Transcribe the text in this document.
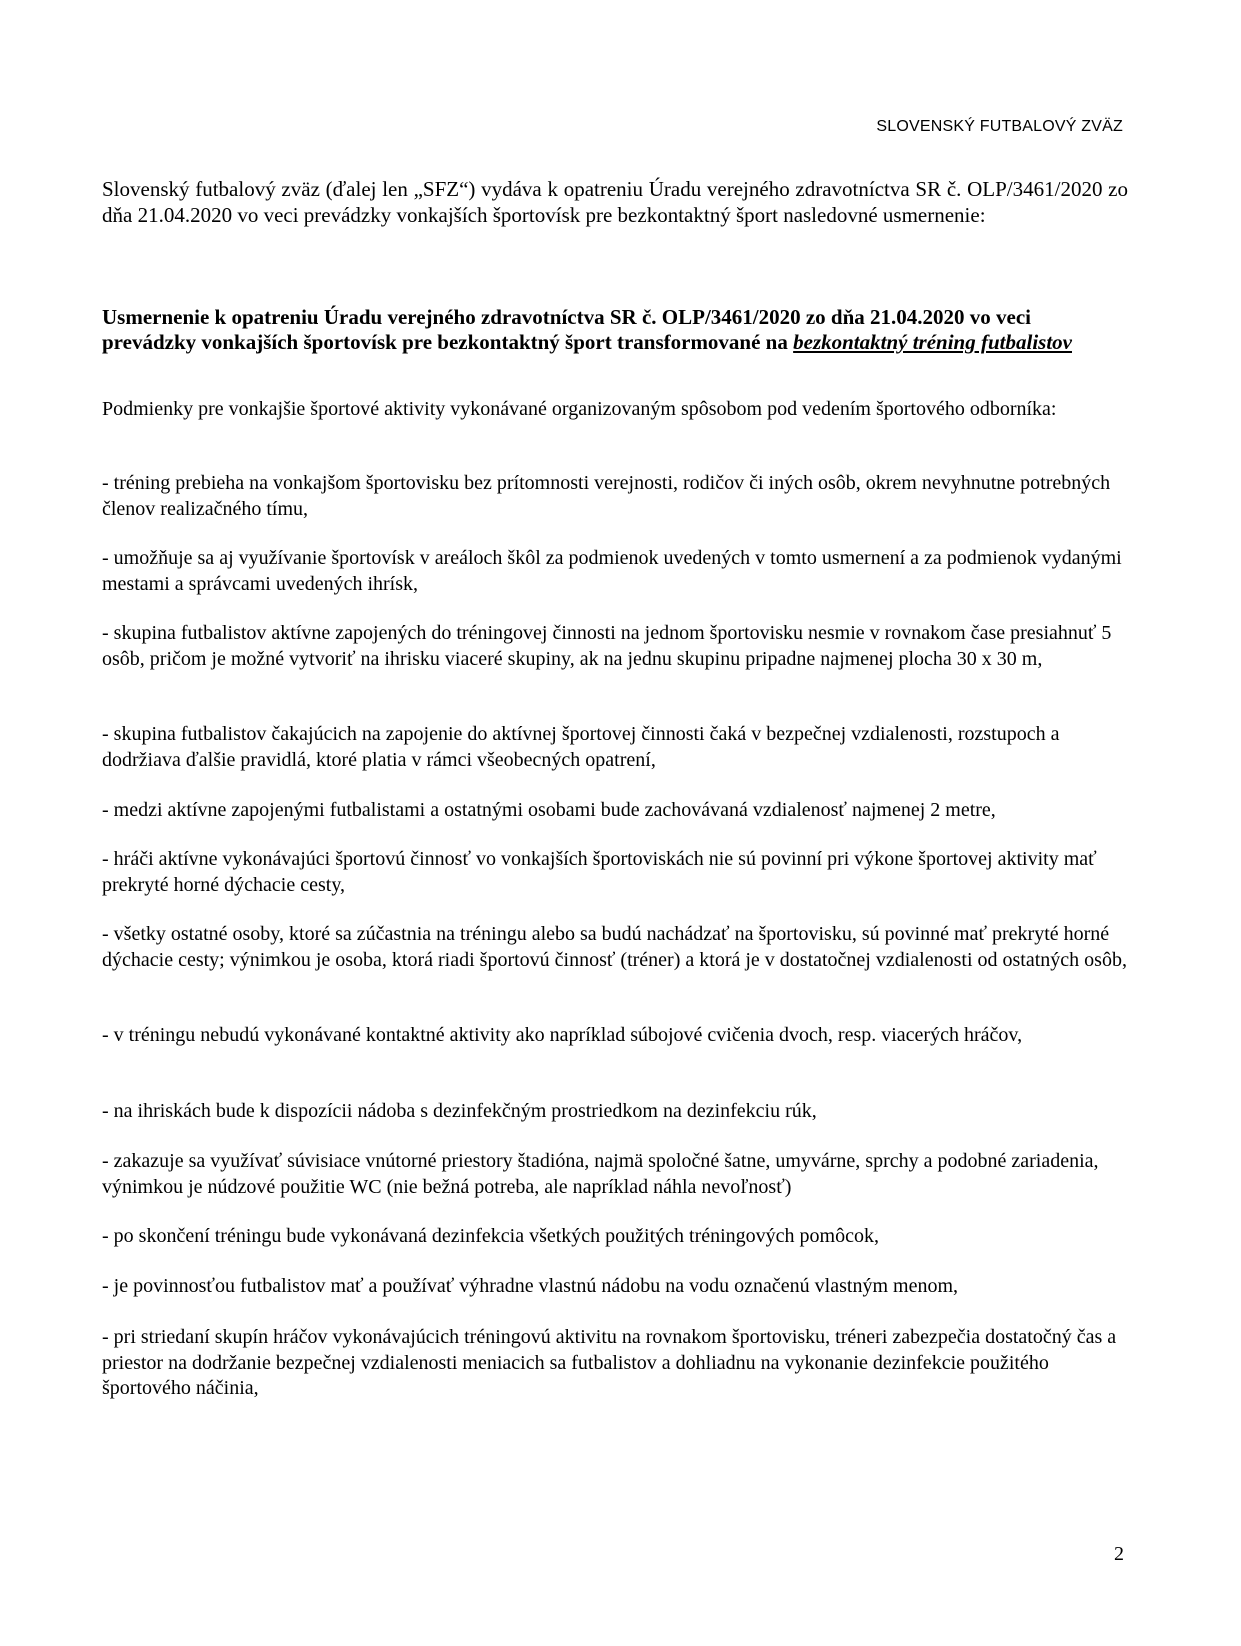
SLOVENSKÝ FUTBALOVÝ ZVÄZ
Slovenský futbalový zväz (ďalej len „SFZ“) vydáva k opatreniu Úradu verejného zdravotníctva SR č. OLP/3461/2020 zo dňa 21.04.2020 vo veci prevádzky vonkajších športovísk pre bezkontaktný šport nasledovné usmernenie:
Usmernenie k opatreniu Úradu verejného zdravotníctva SR č. OLP/3461/2020 zo dňa 21.04.2020 vo veci prevádzky vonkajších športovísk pre bezkontaktný šport transformované na bezkontaktný tréning futbalistov
Podmienky pre vonkajšie športové aktivity vykonávané organizovaným spôsobom pod vedením športového odborníka:
- tréning prebieha na vonkajšom športovisku bez prítomnosti verejnosti, rodičov či iných osôb, okrem nevyhnutne potrebných členov realizačného tímu,
- umožňuje sa aj využívanie športovísk v areáloch škôl za podmienok uvedených v tomto usmernení a za podmienok vydanými mestami a správcami uvedených ihrísk,
- skupina futbalistov aktívne zapojených do tréningovej činnosti na jednom športovisku nesmie v rovnakom čase presiahnuť 5 osôb, pričom je možné vytvoriť na ihrisku viaceré skupiny, ak na jednu skupinu pripadne najmenej plocha 30 x 30 m,
- skupina futbalistov čakajúcich na zapojenie do aktívnej športovej činnosti čaká v bezpečnej vzdialenosti, rozstupoch a dodržiava ďalšie pravidlá, ktoré platia v rámci všeobecných opatrení,
- medzi aktívne zapojenými futbalistami a ostatnými osobami bude zachovávaná vzdialenosť najmenej 2 metre,
- hráči aktívne vykonávajúci športovú činnosť vo vonkajších športoviskách nie sú povinní pri výkone športovej aktivity mať prekryté horné dýchacie cesty,
- všetky ostatné osoby, ktoré sa zúčastnia na tréningu alebo sa budú nachádzať na športovisku, sú povinné mať prekryté horné dýchacie cesty; výnimkou je osoba, ktorá riadi športovú činnosť (tréner) a ktorá je v dostatočnej vzdialenosti od ostatných osôb,
- v tréningu nebudú vykonávané kontaktné aktivity ako napríklad súbojové cvičenia dvoch, resp. viacerých hráčov,
- na ihriskách bude k dispozícii nádoba s dezinfekčným prostriedkom na dezinfekciu rúk,
- zakazuje sa využívať súvisiace vnútorné priestory štadióna, najmä spoločné šatne, umyvárne, sprchy a podobné zariadenia, výnimkou je núdzové použitie WC (nie bežná potreba, ale napríklad náhla nevoľnosť)
- po skončení tréningu bude vykonávaná dezinfekcia všetkých použitých tréningových pomôcok,
- je povinnosťou futbalistov mať a používať výhradne vlastnú nádobu na vodu označenú vlastným menom,
- pri striedaní skupín hráčov vykonávajúcich tréningovú aktivitu na rovnakom športovisku, tréneri zabezpečia dostatočný čas a priestor na dodržanie bezpečnej vzdialenosti meniacich sa futbalistov a dohliadnu na vykonanie dezinfekcie použitého športového náčinia,
2
